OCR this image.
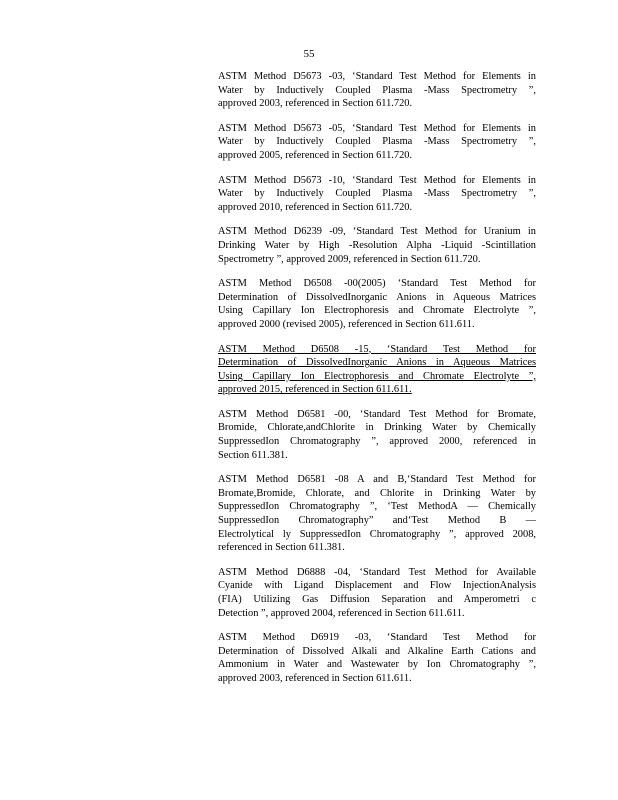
55
ASTM Method D5673 -03, ‘Standard Test Method for Elements in
Water by Inductively Coupled Plasma -Mass Spectrometry ”,
approved 2003, referenced in Section 611.720.
ASTM Method D5673 -05, ‘Standard Test Method for Elements in
Water by Inductively Coupled Plasma -Mass Spectrometry ”,
approved 2005, referenced in Section 611.720.
ASTM Method D5673 -10, ‘Standard Test Method for Elements in
Water by Inductively Coupled Plasma -Mass Spectrometry ”,
approved 2010, referenced in Section 611.720.
ASTM Method D6239 -09, ‘Standard Test Method for Uranium in
Drinking Water by High -Resolution Alpha -Liquid -Scintillation
Spectrometry ”, approved 2009, referenced in Section 611.720.
ASTM Method D6508 -00(2005) ‘Standard Test Method for
Determination of DissolvedInorganic Anions in Aqueous Matrices
Using Capillary Ion Electrophoresis and Chromate Electrolyte ”,
approved 2000 (revised 2005), referenced in Section 611.611.
ASTM Method D6508 -15, ‘Standard Test Method for
Determination of DissolvedInorganic Anions in Aqueous Matrices
Using Capillary Ion Electrophoresis and Chromate Electrolyte ”,
approved 2015, referenced in Section 611.611.
ASTM Method D6581 -00, ‘Standard Test Method for Bromate,
Bromide, Chlorate,andChlorite in Drinking Water by Chemically
SuppressedIon Chromatography ”, approved 2000, referenced in
Section 611.381.
ASTM Method D6581 -08 A and B,‘Standard Test Method for
Bromate,Bromide, Chlorate, and Chlorite in Drinking Water by
SuppressedIon Chromatography ”, ‘Test MethodA — Chemically
SuppressedIon Chromatography” and‘Test Method B —
Electrolytical ly SuppressedIon Chromatography ”, approved 2008,
referenced in Section 611.381.
ASTM Method D6888 -04, ‘Standard Test Method for Available
Cyanide with Ligand Displacement and Flow InjectionAnalysis
(FIA) Utilizing Gas Diffusion Separation and Amperometri c
Detection ”, approved 2004, referenced in Section 611.611.
ASTM Method D6919 -03, ‘Standard Test Method for
Determination of Dissolved Alkali and Alkaline Earth Cations and
Ammonium in Water and Wastewater by Ion Chromatography ”,
approved 2003, referenced in Section 611.611.
